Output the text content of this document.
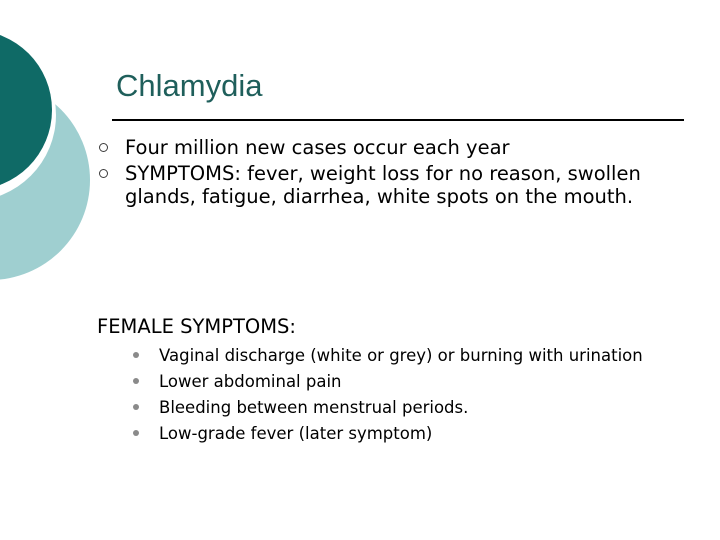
Chlamydia
Four million new cases occur each year
SYMPTOMS: fever, weight loss for no reason, swollen glands, fatigue, diarrhea, white spots on the mouth.
FEMALE SYMPTOMS:
Vaginal discharge (white or grey) or burning with urination
Lower abdominal pain
Bleeding between menstrual periods.
Low-grade fever (later symptom)
